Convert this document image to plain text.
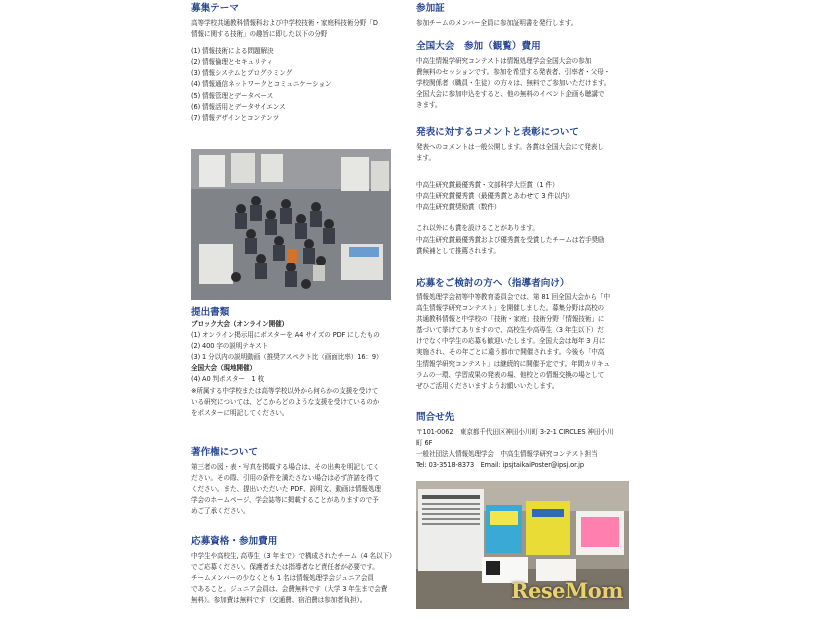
募集テーマ

高等学校共通教科情報科および中学校技術・家庭科技術分野「D
情報に関する技術」の趣旨に即した以下の分野

(1) 情報技術による問題解決

(2) 情報倫理とセキュリティ

(3) 情報システムとプログラミング

(4) 情報通信ネットワークとコミュニケーション

(5) 情報管理とデータベース

(6) 情報活用とデータサイエンス

(7) 情報デザインとコンテンツ

提出書類

ブロック大会（オンライン開催）

(1) オンライン掲示用にポスターを A4 サイズの PDF にしたもの

(2) 400 字の説明テキスト

(3) 1 分以内の説明動画（推奨アスペクト比（画面比率）16：9）

全国大会（現地開催）

(4) A0 判ポスター　1 枚

※所属する中学校または高等学校以外から何らかの支援を受けて
いる研究については、どこからどのような支援を受けているのか
をポスターに明記してください。

著作権について

第三者の図・表・写真を掲載する場合は、その出典を明記してく
ださい。その際、引用の条件を満たさない場合は必ず許諾を得て
ください。また、提出いただいた PDF、説明文、動画は情報処理
学会のホームページ、学会誌等に掲載することがありますので予
めご了承ください。

応募資格・参加費用

中学生や高校生, 高専生（3 年まで）で構成されたチーム（4 名以下）
でご応募ください。保護者または指導者など責任者が必要です。
チームメンバーの少なくとも 1 名は情報処理学会ジュニア会員
であること。ジュニア会員は、会費無料です（大学 3 年生まで会費
無料）。参加費は無料です（交通費、宿泊費は参加者負担）。

参加証

参加チームのメンバー全員に参加証明書を発行します。

全国大会　参加（観覧）費用

中高生情報学研究コンテストは情報処理学会全国大会の参加
費無料のセッションです。参加を希望する発表者、引率者・父母・
学校関係者（職員・生徒）の方々は、無料でご参加いただけます。
全国大会に参加申込をすると、他の無料のイベント企画も聴講で
きます。

発表に対するコメントと表彰について

発表へのコメントは一般公開します。各賞は全国大会にて発表し
ます。

中高生研究賞最優秀賞・文部科学大臣賞（1 件）

中高生研究賞優秀賞（最優秀賞とあわせて 3 件以内）

中高生研究賞奨励賞（数件）

これ以外にも賞を設けることがあります。
中高生研究賞最優秀賞および優秀賞を受賞したチームは若手奨励
賞候補として推薦されます。

応募をご検討の方へ（指導者向け）

情報処理学会初等中等教育委員会では、第 81 回全国大会から「中
高生情報学研究コンテスト」を開催しました。募集分野は高校の
共通教科情報と中学校の「技術・家庭」技術分野「情報技術」に
基づいて挙げてありますので、高校生や高専生（3 年生以下）だ
けでなく中学生の応募も歓迎いたします。全国大会は毎年 3 月に
実施され、その年ごとに違う都市で開催されます。今後も「中高
生情報学研究コンテスト」は継続的に開催予定です。年間カリキュ
ラムの一環、学習成果の発表の場、他校との情報交換の場として
ぜひご活用くださいますようお願いいたします。

問合せ先

〒101-0062　東京都千代田区神田小川町 3-2-1 CIRCLES 神田小川
町 6F

一般社団法人情報処理学会　中高生情報学研究コンテスト担当

Tel: 03-3518-8373　Email: ipsjtaikaiPoster@ipsj.or.jp

ReseMom
